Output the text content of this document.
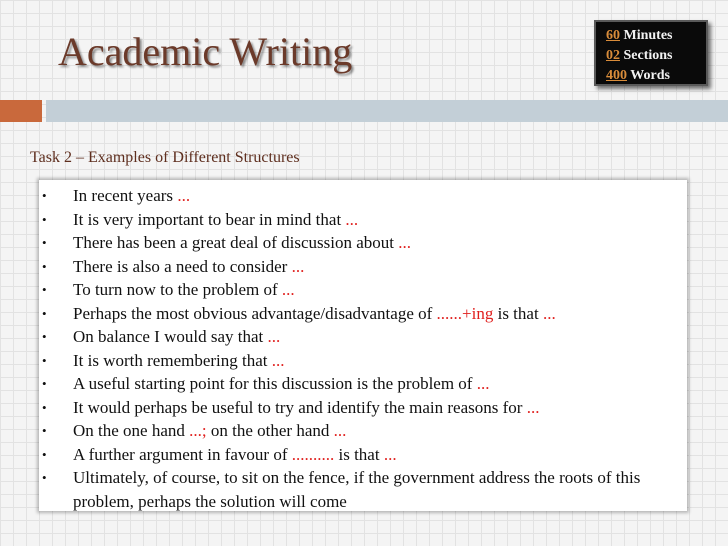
Academic Writing	60 Minutes
02 Sections
400 Words
Task 2 – Examples of Different Structures
• In recent years ...
• It is very important to bear in mind that ...
• There has been a great deal of discussion about ...
• There is also a need to consider ...
• To turn now to the problem of ...
• Perhaps the most obvious advantage/disadvantage of ......+ing is that ...
• On balance I would say that ...
• It is worth remembering that ...
• A useful starting point for this discussion is the problem of ...
• It would perhaps be useful to try and identify the main reasons for ...
• On the one hand ...; on the other hand ...
• A further argument in favour of .......... is that ...
• Ultimately, of course, to sit on the fence, if the government address the roots of this problem, perhaps the solution will come
